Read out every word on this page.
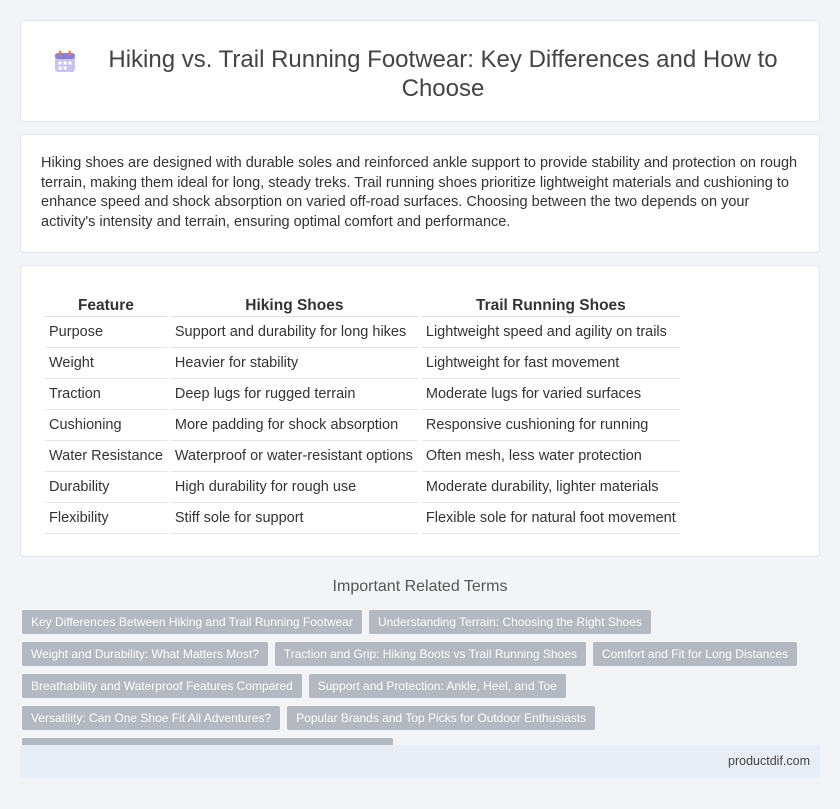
Hiking vs. Trail Running Footwear: Key Differences and How to Choose

Hiking shoes are designed with durable soles and reinforced ankle support to provide stability and protection on rough terrain, making them ideal for long, steady treks. Trail running shoes prioritize lightweight materials and cushioning to enhance speed and shock absorption on varied off-road surfaces. Choosing between the two depends on your activity's intensity and terrain, ensuring optimal comfort and performance.

Feature	Hiking Shoes	Trail Running Shoes
Purpose	Support and durability for long hikes	Lightweight speed and agility on trails
Weight	Heavier for stability	Lightweight for fast movement
Traction	Deep lugs for rugged terrain	Moderate lugs for varied surfaces
Cushioning	More padding for shock absorption	Responsive cushioning for running
Water Resistance	Waterproof or water-resistant options	Often mesh, less water protection
Durability	High durability for rough use	Moderate durability, lighter materials
Flexibility	Stiff sole for support	Flexible sole for natural foot movement
Important Related Terms
Key Differences Between Hiking and Trail Running Footwear	Understanding Terrain: Choosing the Right Shoes
Weight and Durability: What Matters Most?	Traction and Grip: Hiking Boots vs Trail Running Shoes	Comfort and Fit for Long Distances
Breathability and Waterproof Features Compared	Support and Protection: Ankle, Heel, and Toe
Versatility: Can One Shoe Fit All Adventures?	Popular Brands and Top Picks for Outdoor Enthusiasts
productdif.com
